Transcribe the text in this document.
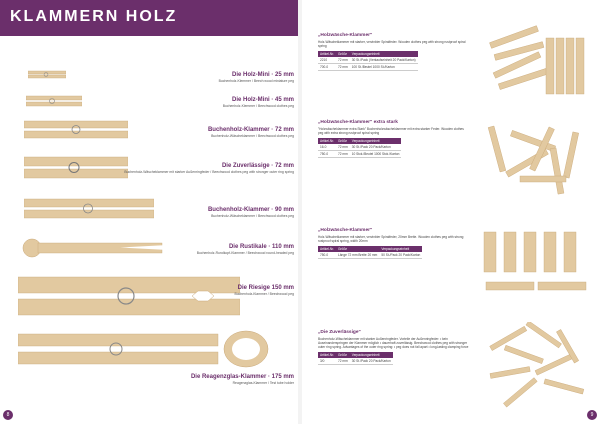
KLAMMERN HOLZ
Die Holz-Mini · 25 mm
Buchenholz-Klemmer / Beech wood miniature peg
Die Holz-Mini · 45 mm
Buchenholz-Klemmer / Beechwood clothes peg
Buchenholz-Klammer · 72 mm
Buchenholz-Wäscheklammer / Beechwood clothes peg
Die Zuverlässige · 72 mm
Buchenholz-Wäscheklammer mit starker Außenringfeder / Beechwood clothes peg with stronger outer ring spring
Buchenholz-Klammer · 90 mm
Buchenholz-Wäscheklammer / Beechwood clothes peg
Die Rustikale · 110 mm
Buchenholz-Rundkopf-Klammer / Beechwood round-headed peg
Die Riesige 150 mm
Buchenholz-Klammer / Beechwood peg
Die Reagenzglas-Klammer · 175 mm
Reagenzglas-Klammer / Test tube holder
„Holzwäsche-Klammer"
Holz-Wäscheklammer mit starker, verzinkter Spiralfeder. Wooden clothes peg with strong rustproof spiral spring
Artikel-Nr.	Größe	Verpackungseinheit
2210	72 mm	30 St./Pack (Verkaufseinheit 20 Pack/Karton)
700-0	72 mm	100 St./Beutel 1000 St./Karton
„Holzwäsche-Klammer" extra stark
"Holzwäscheklammer extra Stark" Buchenholzwäscheklammer mit extra starker Feder. Wooden clothes peg with extra strong rustproof spiral spring
Artikel-Nr.	Größe	Verpackungseinheit
16-0	72 mm	30 St./Pack 20 Pack/Karton
750-0	72 mm	10 Stck./Beutel 1000 Stck./Karton
„Holzwäsche-Klammer"
Holz-Wäscheklammer mit starker, verzinkter Spiralfeder, 20mm Breite. Wooden clothes peg with strong rustproof spiral spring, width 20mm
Artikel-Nr.	Größe	Verpackungseinheit
750-0	Länge 72 mm Breite 20 mm	50 St./Pack 20 Pack/Karton
„Die Zuverlässige"
Buchenholz-Wäscheklammer mit starker Außenringfeder. Vorteile der Außenringfeder: • kein Auseinanderspringen der Klammer möglich • dauerhaft zuverlässig. Beechwood clothes peg with stronger outer ring spring. Advantages of the outer ring spring: • peg does not fall apart • long-lasting clamping force
Artikel-Nr.	Größe	Verpackungseinheit
3/0	72 mm	30 St./Pack 20 Pack/Karton
8	9
